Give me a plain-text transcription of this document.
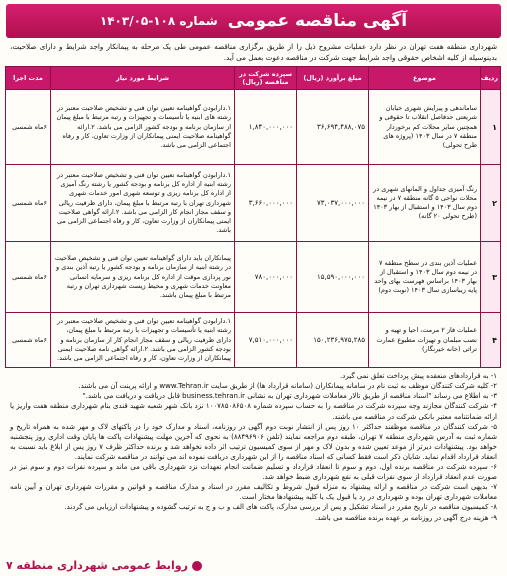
آگهی مناقصه عمومی
شماره ۱۰۸-۱۴۰۳/۰۵
شهرداری منطقه هفت تهران در نظر دارد عملیات مشروح ذیل را از طریق برگزاری مناقصه عمومی طی یک مرحله به پیمانکار واجد شرایط و دارای صلاحیت، بدینوسیله از کلیه اشخاص حقوقی واجد شرایط جهت شرکت در مناقصه دعوت بعمل می آید.
ردیف	موضوع	مبلغ برآورد (ریال)	سپرده شرکت در مناقصه (ریال)	شرایط مورد نیاز	مدت اجرا
۱	ساماندهی و پیرایش شهری خیابان شریعتی حدفاصل انقلاب تا حقوقی و همچنین سایر محلات کم برخوردار منطقه ۷ در سال ۱۴۰۳ (پروژه های طرح تحولی)	۳۶,۶۹۴,۴۸۸,۰۷۵	۱,۸۴۰,۰۰۰,۰۰۰	۱.دارابودن گواهینامه تعیین توان فنی و تشخیص صلاحیت معتبر در رشته های ابنیه یا تأسیسات و تجهیزات و رتبه مرتبط با مبلغ پیمان از سازمان برنامه و بودجه کشور الزامی می باشد. ۲.ارائه گواهینامه صلاحیت ایمنی پیمانکاران از وزارت تعاون، کار و رفاه اجتماعی الزامی می باشد.	۶ماه شمسی
۲	رنگ آمیزی جداول و المانهای شهری در محلات نواحی ۵ گانه منطقه ۷ در نیمه دوم سال ۱۴۰۳ و استقبال از بهار ۱۴۰۳ (طرح تحولی ۲۰ گانه)	۷۳,۰۳۷,۰۰۰,۰۰۰	۳,۶۶۰,۰۰۰,۰۰۰	۱.دارابودن گواهینامه تعیین توان فنی و تشخیص صلاحیت معتبر در رشته ابنیه از اداره کل برنامه و بودجه کشور یا رشته رنگ آمیزی از اداره کل برنامه ریزی و توسعه شهری امور خدمات شهری شهرداری تهران با رتبه مرتبط با مبلغ پیمان، دارای ظرفیت ریالی و سقف مجاز انجام کار الزامی می باشد. ۲.ارائه گواهی صلاحیت ایمنی پیمانکاران از وزارت تعاون، کار و رفاه اجتماعی الزامی می باشد.	۶ماه شمسی
۳	عملیات آذین بندی در سطح منطقه ۷ در نیمه دوم سال ۱۴۰۳ و استقبال از بهار ۱۴۰۳ براساس فهرست بهای واحد پایه زیباسازی سال ۱۴۰۳ (نوبت دوم)	۱۵,۵۹۰,۰۰۰,۰۰۰	۷۸۰,۰۰۰,۰۰۰	پیمانکاران باید دارای گواهینامه تعیین توان فنی و تشخیص صلاحیت در رشته ابنیه از سازمان برنامه و بودجه کشور یا رتبه آذین بندی و نور پردازی موقت از اداره کل برنامه ریزی و سرمایه انسانی معاونت خدمات شهری و محیط زیست شهرداری تهران و رتبه مرتبط با مبلغ پیمان باشند.	۶ماه شمسی
۴	عملیات فاز ۲ مرمت، احیا و تهیه و نصب مبلمان و تهیزات مطبوع عمارت تراثی (خانه خیرنگار)	۱۵۰,۲۳۶,۹۷۵,۲۸۵	۷,۵۱۰,۰۰۰,۰۰۰	۱.دارابودن گواهینامه تعیین توان فنی و تشخیص صلاحیت معتبر در رشته ابنیه یا تأسیسات و تجهیزات با رتبه مرتبط با مبلغ پیمان، دارای ظرفیت ریالی و سقف مجاز انجام کار از سازمان برنامه و بودجه کشور الزامی می باشد. ۲.ارائه گواهی نامه صلاحیت ایمنی پیمانکاران از وزارت تعاون، کار و رفاه اجتماعی الزامی می باشد.	۶ماه شمسی

۱- به قراردادهای منعقده پیش پرداخت تعلق نمی گیرد.

۲- کلیه شرکت کنندگان موظف به ثبت نام در سامانه پیمانکاران (سامانه قرارداد ها) از طریق سایت www.Tehran.ir و ارائه پرینت آن می باشند.

۳- به اطلاع می رساند "اسناد مناقصه از طریق تالار معاملات شهرداری تهران به نشانی business.tehran.ir قابل دریافت و دریافت می باشد."

۴- شرکت کنندگان مجازند وجه سپرده شرکت در مناقصه را به حساب سپرده شماره ۱۰۰۷۸۵۰۸۶۵۰۸ نزد بانک شهر شعبه شهید قندی بنام شهرداری منطقه هفت واریز یا ارائه ضمانتنامه معتبر بانکی شرکت در مناقصه می باشند.

۵- شرکت کنندگان در مناقصه موظفند حداکثر ۱۰ روز پس از انتشار نوبت دوم آگهی در روزنامه، اسناد و مدارک خود را در پاکتهای لاک و مهر شده به همراه تاریخ و شماره ثبت به آدرس شهرداری منطقه ۷ تهران، طبقه دوم مراجعه نمایند (تلفن ۸۸۴۹۶۹۰۶) به نحوی که آخرین مهلت پیشنهادات پاکت ها پایان وقت اداری روز پنجشنبه خواهد بود. پیشنهادات دیرتر از موعد تعیین شده و بدون لاک و مهر از سوی کمیسیون ترتیب اثر داده نخواهد شد و برنده حداکثر ظرف ۷ روز پس از ابلاغ باید نسبت به انعقاد قرارداد اقدام نماید. شایان ذکر است فقط کسانی که اسناد مناقصه را از این شهرداری دریافت نموده اند می توانند در مناقصه شرکت نمایند.

۶- سپرده شرکت در مناقصه برنده اول، دوم و سوم تا انعقاد قرارداد و تسلیم ضمانت انجام تعهدات نزد شهرداری باقی می ماند و سپرده نفرات دوم و سوم نیز در صورت عدم انعقاد قرارداد از سوی نفرات قبلی به نفع شهرداری ضبط خواهد شد.

۷- بدیهی است شرکت در مناقصه و ارائه پیشنهاد به منزله قبول شروط و تکالیف مقرر در اسناد و مدارک مناقصه و قوانین و مقررات شهرداری تهران و آیین نامه معاملات شهرداری تهران بوده و شهرداری در رد یا قبول یک یا کلیه پیشنهادها مختار است.

۸- کمیسیون مناقصه در تاریخ مقرر در اسناد تشکیل و پس از بررسی مدارک، پاکت های الف و ب و ج به ترتیب گشوده و پیشنهادات ارزیابی می گردند.

۹- هزینه درج آگهی در روزنامه بر عهده برنده مناقصه می باشد.

روابط عمومی شهرداری منطقه ۷
